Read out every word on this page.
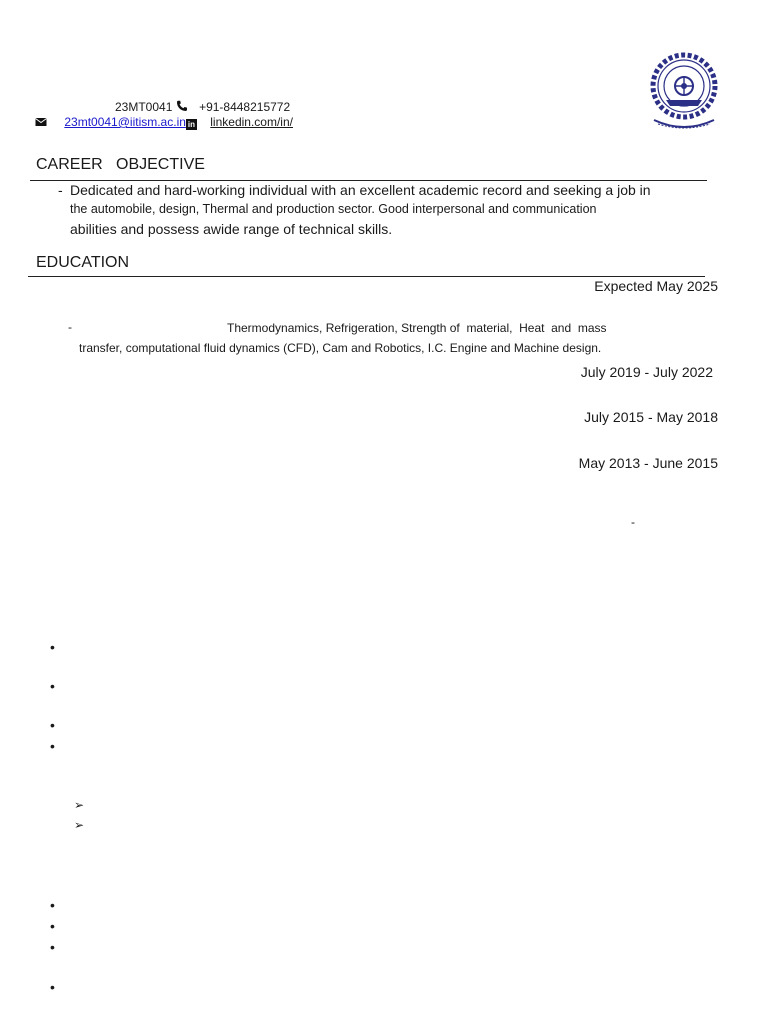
23MT0041 +91-8448215772
23mt0041@iitism.ac.in in linkedin.com/in/
CAREER   OBJECTIVE
- Dedicated and hard-working individual with an excellent academic record and seeking a job in
the automobile, design, Thermal and production sector. Good interpersonal and communication
abilities and possess awide range of technical skills.
EDUCATION
Expected May 2025
-	Thermodynamics, Refrigeration, Strength of  material,  Heat  and  mass
transfer, computational fluid dynamics (CFD), Cam and Robotics, I.C. Engine and Machine design.
July 2019 - July 2022
July 2015 - May 2018
May 2013 - June 2015
-
•
•
•
•
➢
➢
•
•
•
•
